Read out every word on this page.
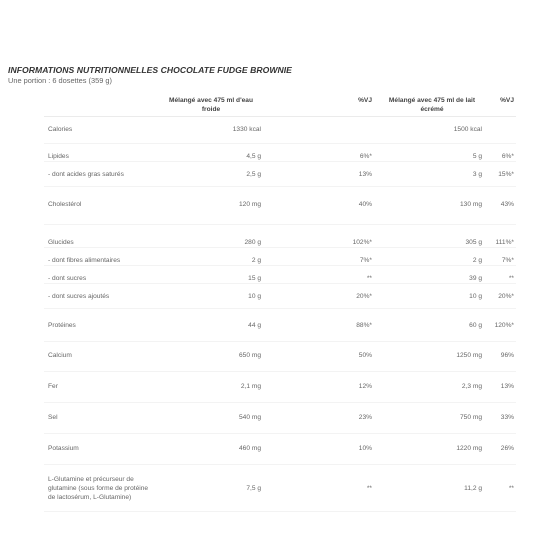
INFORMATIONS NUTRITIONNELLES CHOCOLATE FUDGE BROWNIE
Une portion : 6 dosettes (359 g)
	Mélangé avec 475 ml d'eau froide	%VJ	Mélangé avec 475 ml de lait écrémé	%VJ
Calories	1330 kcal		1500 kcal	
Lipides	4,5 g	6%*	5 g	6%*
- dont acides gras saturés	2,5 g	13%	3 g	15%*
Cholestérol	120 mg	40%	130 mg	43%
Glucides	280 g	102%*	305 g	111%*
- dont fibres alimentaires	2 g	7%*	2 g	7%*
- dont sucres	15 g	**	39 g	**
- dont sucres ajoutés	10 g	20%*	10 g	20%*
Protéines	44 g	88%*	60 g	120%*
Calcium	650 mg	50%	1250 mg	96%
Fer	2,1 mg	12%	2,3 mg	13%
Sel	540 mg	23%	750 mg	33%
Potassium	460 mg	10%	1220 mg	26%
L-Glutamine et précurseur de glutamine (sous forme de protéine de lactosérum, L-Glutamine)	7,5 g	**	11,2 g	**
